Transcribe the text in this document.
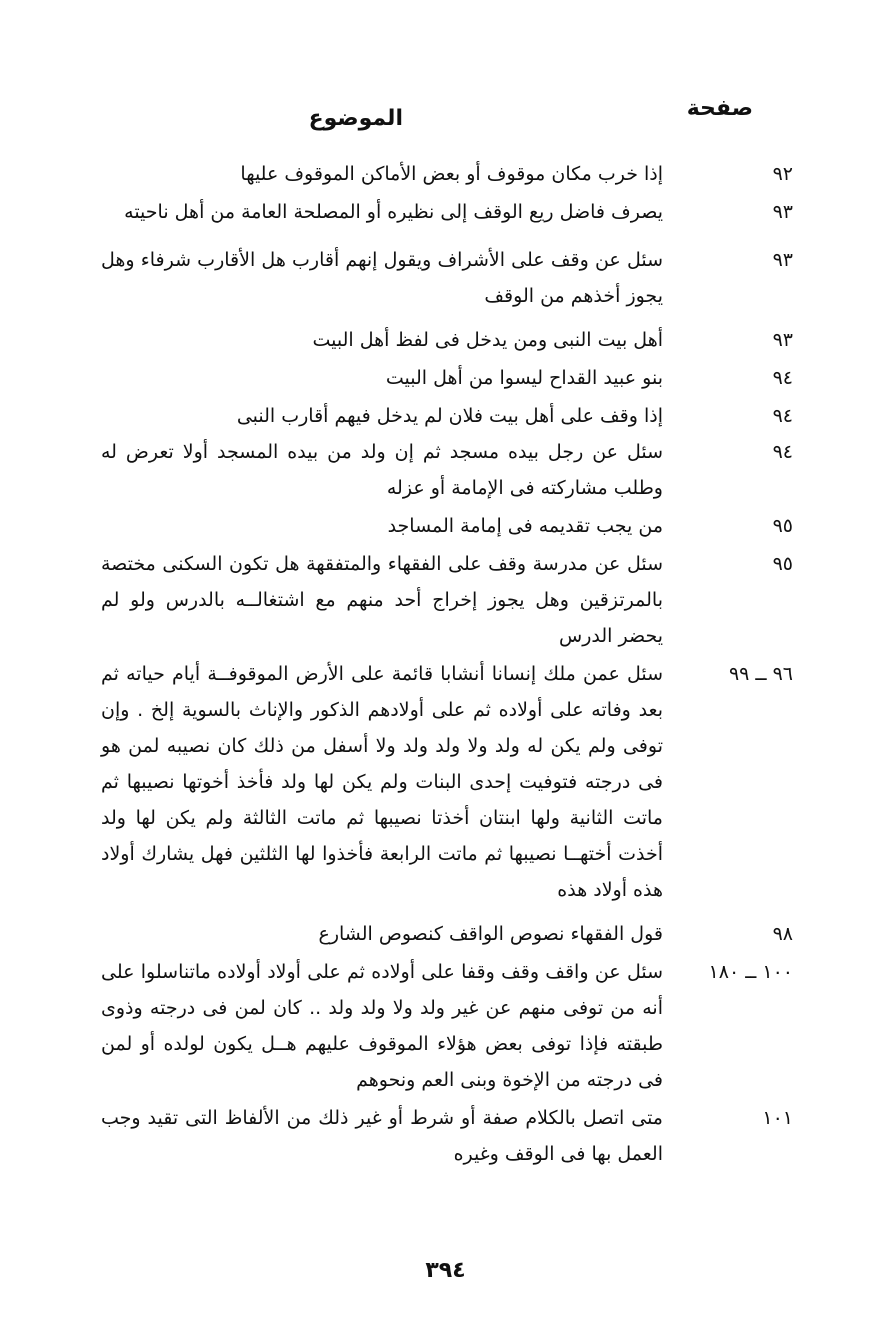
صفحة
الموضوع
٩٢
إذا خرب مكان موقوف أو بعض الأماكن الموقوف عليها
٩٣
يصرف فاضل ريع الوقف إلى نظيره أو المصلحة العامة من أهل ناحيته
٩٣
سئل عن وقف على الأشراف ويقول إنهم أقارب هل الأقارب شرفاء وهل يجوز أخذهم من الوقف
٩٣
أهل بيت النبى ومن يدخل فى لفظ أهل البيت
٩٤
بنو عبيد القداح ليسوا من أهل البيت
٩٤
إذا وقف على أهل بيت فلان لم يدخل فيهم أقارب النبى
٩٤
سئل عن رجل بيده مسجد ثم إن ولد من بيده المسجد أولا تعرض له وطلب مشاركته فى الإمامة أو عزله
٩٥
من يجب تقديمه فى إمامة المساجد
٩٥
سئل عن مدرسة وقف على الفقهاء والمتفقهة هل تكون السكنى مختصة بالمرتزقين وهل يجوز إخراج أحد منهم مع اشتغالــه بالدرس ولو لم يحضر الدرس
٩٦ ــ ٩٩
سئل عمن ملك إنسانا أنشابا قائمة على الأرض الموقوفــة أيام حياته ثم بعد وفاته على أولاده ثم على أولادهم الذكور والإناث بالسوية إلخ . وإن توفى ولم يكن له ولد ولا ولد ولد ولا أسفل من ذلك كان نصيبه لمن هو فى درجته فتوفيت إحدى البنات ولم يكن لها ولد فأخذ أخوتها نصيبها ثم ماتت الثانية ولها ابنتان أخذتا نصيبها ثم ماتت الثالثة ولم يكن لها ولد أخذت أختهــا نصيبها ثم ماتت الرابعة فأخذوا لها الثلثين فهل يشارك أولاد هذه أولاد هذه
٩٨
قول الفقهاء نصوص الواقف كنصوص الشارع
١٠٠ ــ ١٨٠
سئل عن واقف وقف وقفا على أولاده ثم على أولاد أولاده ماتناسلوا على أنه من توفى منهم عن غير ولد ولا ولد ولد .. كان لمن فى درجته وذوى طبقته فإذا توفى بعض هؤلاء الموقوف عليهم هــل يكون لولده أو لمن فى درجته من الإخوة وبنى العم ونحوهم
١٠١
متى اتصل بالكلام صفة أو شرط أو غير ذلك من الألفاظ التى تقيد وجب العمل بها فى الوقف وغيره
٣٩٤
